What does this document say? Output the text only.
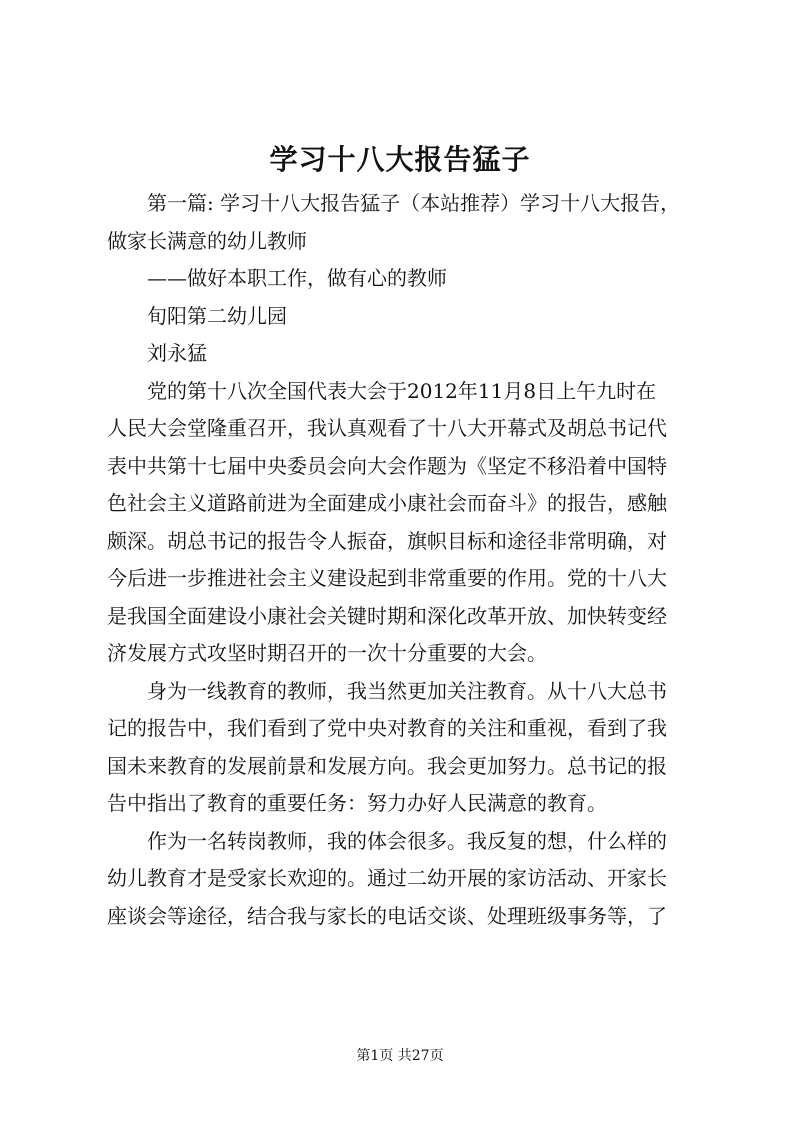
学习十八大报告猛子
第一篇: 学习十八大报告猛子（本站推荐）学习十八大报告，
做家长满意的幼儿教师
——做好本职工作，做有心的教师
旬阳第二幼儿园
刘永猛
党的第十八次全国代表大会于2012年11月8日上午九时在
人民大会堂隆重召开，我认真观看了十八大开幕式及胡总书记代
表中共第十七届中央委员会向大会作题为《坚定不移沿着中国特
色社会主义道路前进为全面建成小康社会而奋斗》的报告，感触
颇深。胡总书记的报告令人振奋，旗帜目标和途径非常明确，对
今后进一步推进社会主义建设起到非常重要的作用。党的十八大
是我国全面建设小康社会关键时期和深化改革开放、加快转变经
济发展方式攻坚时期召开的一次十分重要的大会。
身为一线教育的教师，我当然更加关注教育。从十八大总书
记的报告中，我们看到了党中央对教育的关注和重视，看到了我
国未来教育的发展前景和发展方向。我会更加努力。总书记的报
告中指出了教育的重要任务：努力办好人民满意的教育。
作为一名转岗教师，我的体会很多。我反复的想，什么样的
幼儿教育才是受家长欢迎的。通过二幼开展的家访活动、开家长
座谈会等途径，结合我与家长的电话交谈、处理班级事务等，了
第1页 共27页
